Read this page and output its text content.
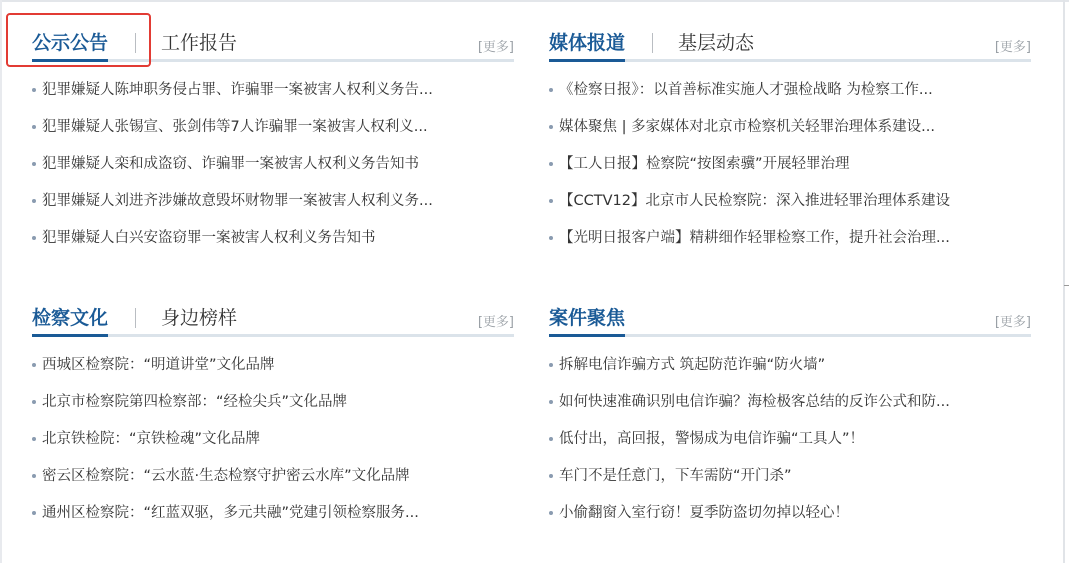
公示公告	工作报告	[更多]
犯罪嫌疑人陈坤职务侵占罪、诈骗罪一案被害人权利义务告...
犯罪嫌疑人张锡宣、张剑伟等7人诈骗罪一案被害人权利义...
犯罪嫌疑人栾和成盗窃、诈骗罪一案被害人权利义务告知书
犯罪嫌疑人刘进齐涉嫌故意毁坏财物罪一案被害人权利义务...
犯罪嫌疑人白兴安盗窃罪一案被害人权利义务告知书
媒体报道	基层动态	[更多]
《检察日报》：以首善标准实施人才强检战略 为检察工作...
媒体聚焦 | 多家媒体对北京市检察机关轻罪治理体系建设...
【工人日报】检察院“按图索骥”开展轻罪治理
【CCTV12】北京市人民检察院：深入推进轻罪治理体系建设
【光明日报客户端】精耕细作轻罪检察工作，提升社会治理...
检察文化	身边榜样	[更多]
西城区检察院：“明道讲堂”文化品牌
北京市检察院第四检察部：“经检尖兵”文化品牌
北京铁检院：“京铁检魂”文化品牌
密云区检察院：“云水蓝·生态检察守护密云水库”文化品牌
通州区检察院：“红蓝双驱，多元共融”党建引领检察服务...
案件聚焦	[更多]
拆解电信诈骗方式 筑起防范诈骗“防火墙”
如何快速准确识别电信诈骗？海检极客总结的反诈公式和防...
低付出，高回报，警惕成为电信诈骗“工具人”！
车门不是任意门，下车需防“开门杀”
小偷翻窗入室行窃！夏季防盗切勿掉以轻心！
